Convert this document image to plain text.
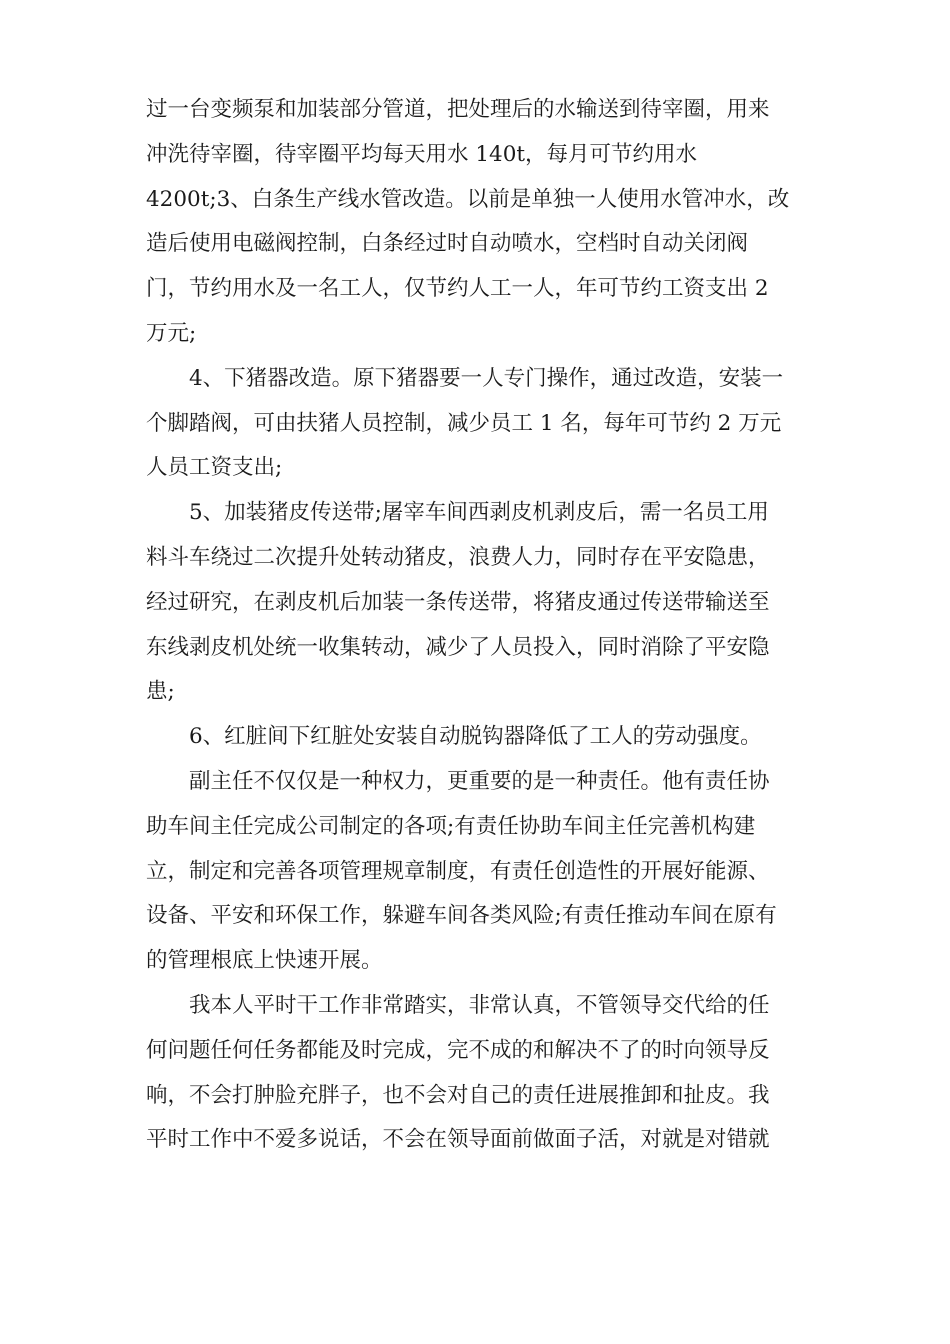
过一台变频泵和加装部分管道，把处理后的水输送到待宰圈，用来
冲洗待宰圈，待宰圈平均每天用水 140t，每月可节约用水
4200t;3、白条生产线水管改造。以前是单独一人使用水管冲水，改
造后使用电磁阀控制，白条经过时自动喷水，空档时自动关闭阀
门，节约用水及一名工人，仅节约人工一人，年可节约工资支出 2
万元;
4、下猪器改造。原下猪器要一人专门操作，通过改造，安装一
个脚踏阀，可由扶猪人员控制，减少员工 1 名，每年可节约 2 万元
人员工资支出;
5、加装猪皮传送带;屠宰车间西剥皮机剥皮后，需一名员工用
料斗车绕过二次提升处转动猪皮，浪费人力，同时存在平安隐患，
经过研究，在剥皮机后加装一条传送带，将猪皮通过传送带输送至
东线剥皮机处统一收集转动，减少了人员投入，同时消除了平安隐
患;
6、红脏间下红脏处安装自动脱钩器降低了工人的劳动强度。
副主任不仅仅是一种权力，更重要的是一种责任。他有责任协
助车间主任完成公司制定的各项;有责任协助车间主任完善机构建
立，制定和完善各项管理规章制度，有责任创造性的开展好能源、
设备、平安和环保工作，躲避车间各类风险;有责任推动车间在原有
的管理根底上快速开展。
我本人平时干工作非常踏实，非常认真，不管领导交代给的任
何问题任何任务都能及时完成，完不成的和解决不了的时向领导反
响，不会打肿脸充胖子，也不会对自己的责任进展推卸和扯皮。我
平时工作中不爱多说话，不会在领导面前做面子活，对就是对错就
